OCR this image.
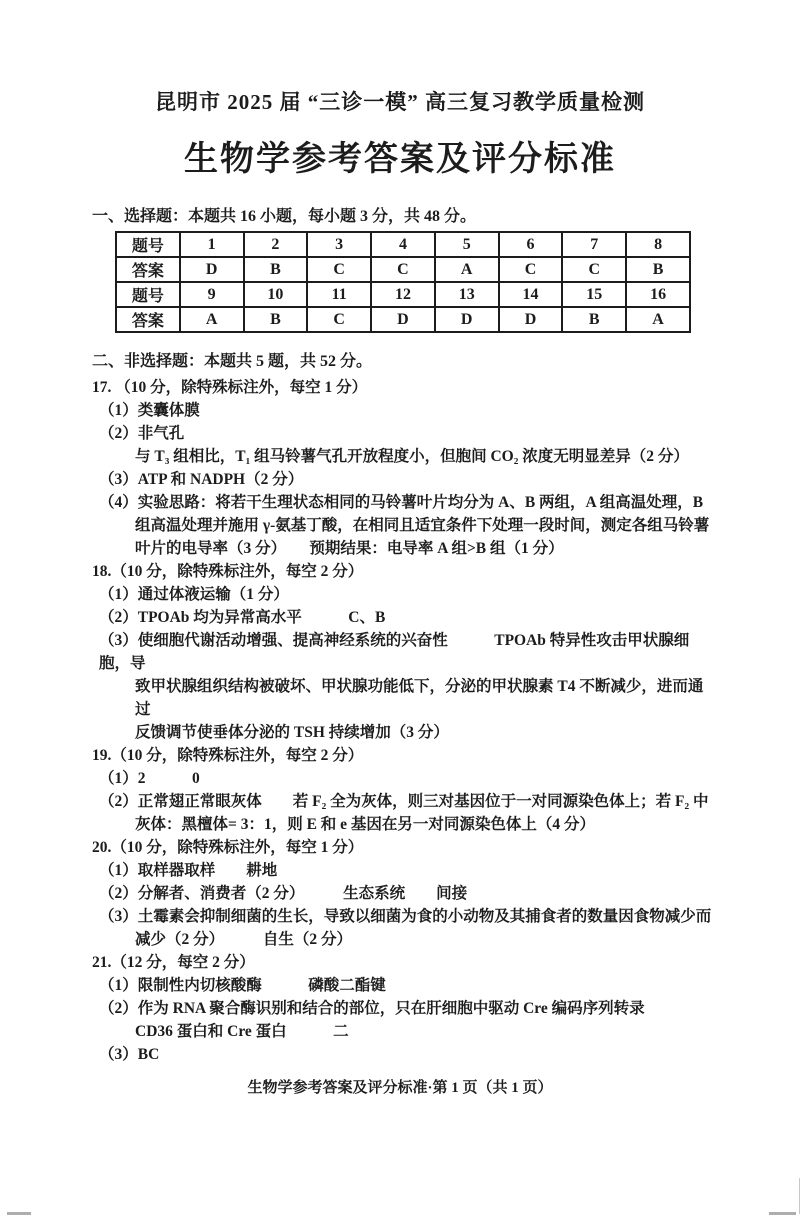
昆明市 2025 届 “三诊一模” 高三复习教学质量检测
生物学参考答案及评分标准
一、选择题：本题共 16 小题，每小题 3 分，共 48 分。
题号	1	2	3	4	5	6	7	8
答案	D	B	C	C	A	C	C	B
题号	9	10	11	12	13	14	15	16
答案	A	B	C	D	D	D	B	A
二、非选择题：本题共 5 题，共 52 分。
17. （10 分，除特殊标注外，每空 1 分）
（1）类囊体膜
（2）非气孔
与 T₃ 组相比，T₁ 组马铃薯气孔开放程度小，但胞间 CO₂ 浓度无明显差异（2 分）
（3）ATP 和 NADPH（2 分）
（4）实验思路：将若干生理状态相同的马铃薯叶片均分为 A、B 两组，A 组高温处理，B
组高温处理并施用 γ-氨基丁酸，在相同且适宜条件下处理一段时间，测定各组马铃薯
叶片的电导率（3 分）　　预期结果：电导率 A 组>B 组（1 分）
18.（10 分，除特殊标注外，每空 2 分）
（1）通过体液运输（1 分）
（2）TPOAb 均为异常高水平　　　C、B
（3）使细胞代谢活动增强、提高神经系统的兴奋性　　　TPOAb 特异性攻击甲状腺细胞，导
致甲状腺组织结构被破坏、甲状腺功能低下，分泌的甲状腺素 T4 不断减少，进而通过
反馈调节使垂体分泌的 TSH 持续增加（3 分）
19.（10 分，除特殊标注外，每空 2 分）
（1）2　　　0
（2）正常翅正常眼灰体　　若 F₂ 全为灰体，则三对基因位于一对同源染色体上；若 F₂ 中
灰体：黑檀体= 3：1，则 E 和 e 基因在另一对同源染色体上（4 分）
20.（10 分，除特殊标注外，每空 1 分）
（1）取样器取样　　耕地
（2）分解者、消费者（2 分）　　　生态系统　　间接
（3）土霉素会抑制细菌的生长，导致以细菌为食的小动物及其捕食者的数量因食物减少而
减少（2 分）　　　自生（2 分）
21.（12 分，每空 2 分）
（1）限制性内切核酸酶　　　磷酸二酯键
（2）作为 RNA 聚合酶识别和结合的部位，只在肝细胞中驱动 Cre 编码序列转录
CD36 蛋白和 Cre 蛋白　　　二
（3）BC
生物学参考答案及评分标准·第 1 页（共 1 页）
